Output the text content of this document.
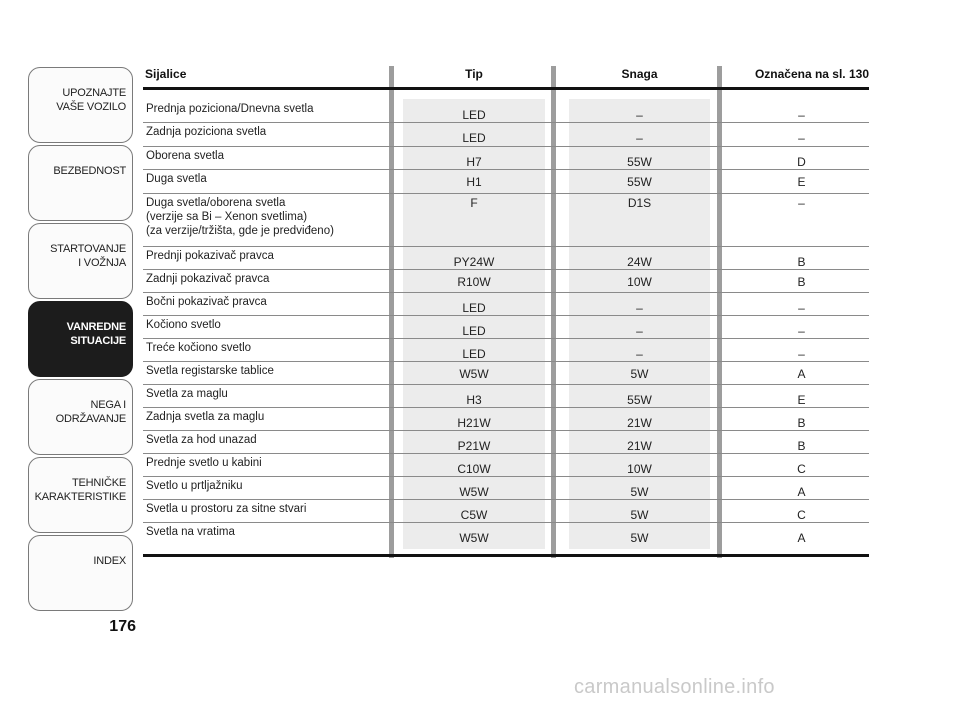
UPOZNAJTE
VAŠE VOZILO
BEZBEDNOST
STARTOVANJE
I VOŽNJA
VANREDNE
SITUACIJE
NEGA I
ODRŽAVANJE
TEHNIČKE
KARAKTERISTIKE
INDEX
176
Sijalice	Tip	Snaga	Označena na sl. 130
Prednja poziciona/Dnevna svetla	LED	–	–
Zadnja poziciona svetla	LED	–	–
Oborena svetla	H7	55W	D
Duga svetla	H1	55W	E
Duga svetla/oborena svetla
(verzije sa Bi – Xenon svetlima)
(za verzije/tržišta, gde je predviđeno)
F	D1S	–
Prednji pokazivač pravca	PY24W	24W	B
Zadnji pokazivač pravca	R10W	10W	B
Bočni pokazivač pravca	LED	–	–
Kočiono svetlo	LED	–	–
Treće kočiono svetlo	LED	–	–
Svetla registarske tablice	W5W	5W	A
Svetla za maglu	H3	55W	E
Zadnja svetla za maglu	H21W	21W	B
Svetla za hod unazad	P21W	21W	B
Prednje svetlo u kabini	C10W	10W	C
Svetlo u prtljažniku	W5W	5W	A
Svetla u prostoru za sitne stvari	C5W	5W	C
Svetla na vratima	W5W	5W	A
carmanualsonline.info
